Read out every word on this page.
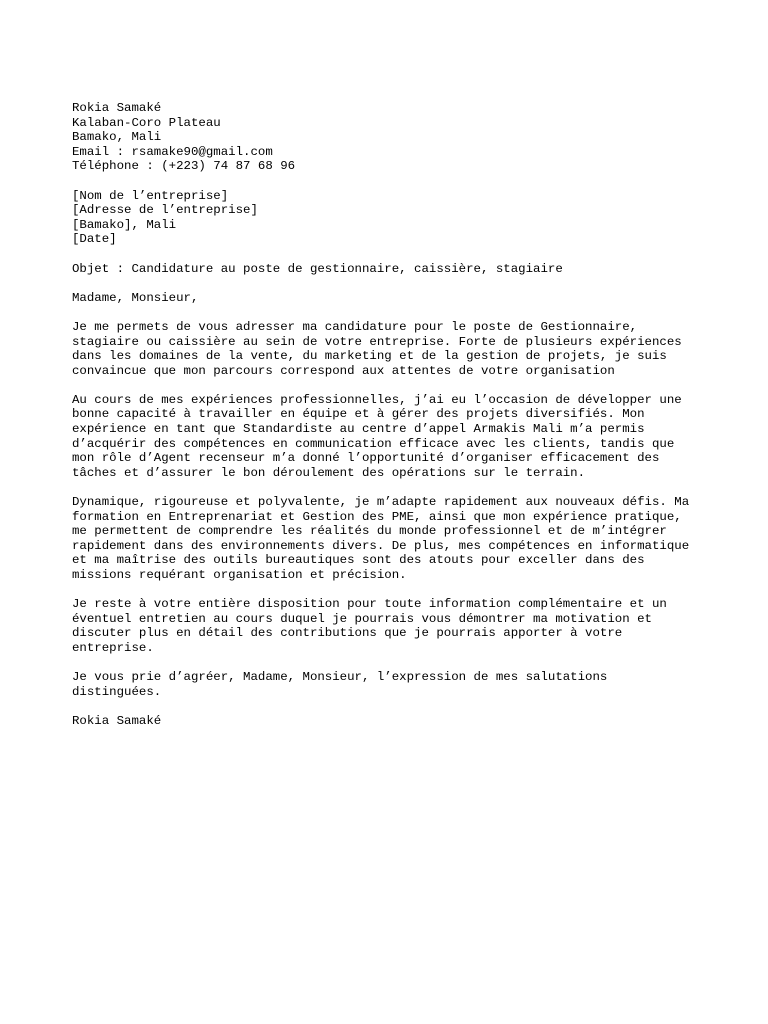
Rokia Samaké
Kalaban-Coro Plateau
Bamako, Mali
Email : rsamake90@gmail.com
Téléphone : (+223) 74 87 68 96
[Nom de l’entreprise]
[Adresse de l’entreprise]
[Bamako], Mali
[Date]
Objet : Candidature au poste de gestionnaire, caissière, stagiaire
Madame, Monsieur,
Je me permets de vous adresser ma candidature pour le poste de Gestionnaire,
stagiaire ou caissière au sein de votre entreprise. Forte de plusieurs expériences
dans les domaines de la vente, du marketing et de la gestion de projets, je suis
convaincue que mon parcours correspond aux attentes de votre organisation
Au cours de mes expériences professionnelles, j’ai eu l’occasion de développer une
bonne capacité à travailler en équipe et à gérer des projets diversifiés. Mon
expérience en tant que Standardiste au centre d’appel Armakis Mali m’a permis
d’acquérir des compétences en communication efficace avec les clients, tandis que
mon rôle d’Agent recenseur m’a donné l’opportunité d’organiser efficacement des
tâches et d’assurer le bon déroulement des opérations sur le terrain.
Dynamique, rigoureuse et polyvalente, je m’adapte rapidement aux nouveaux défis. Ma
formation en Entreprenariat et Gestion des PME, ainsi que mon expérience pratique,
me permettent de comprendre les réalités du monde professionnel et de m’intégrer
rapidement dans des environnements divers. De plus, mes compétences en informatique
et ma maîtrise des outils bureautiques sont des atouts pour exceller dans des
missions requérant organisation et précision.
Je reste à votre entière disposition pour toute information complémentaire et un
éventuel entretien au cours duquel je pourrais vous démontrer ma motivation et
discuter plus en détail des contributions que je pourrais apporter à votre
entreprise.
Je vous prie d’agréer, Madame, Monsieur, l’expression de mes salutations
distinguées.
Rokia Samaké
